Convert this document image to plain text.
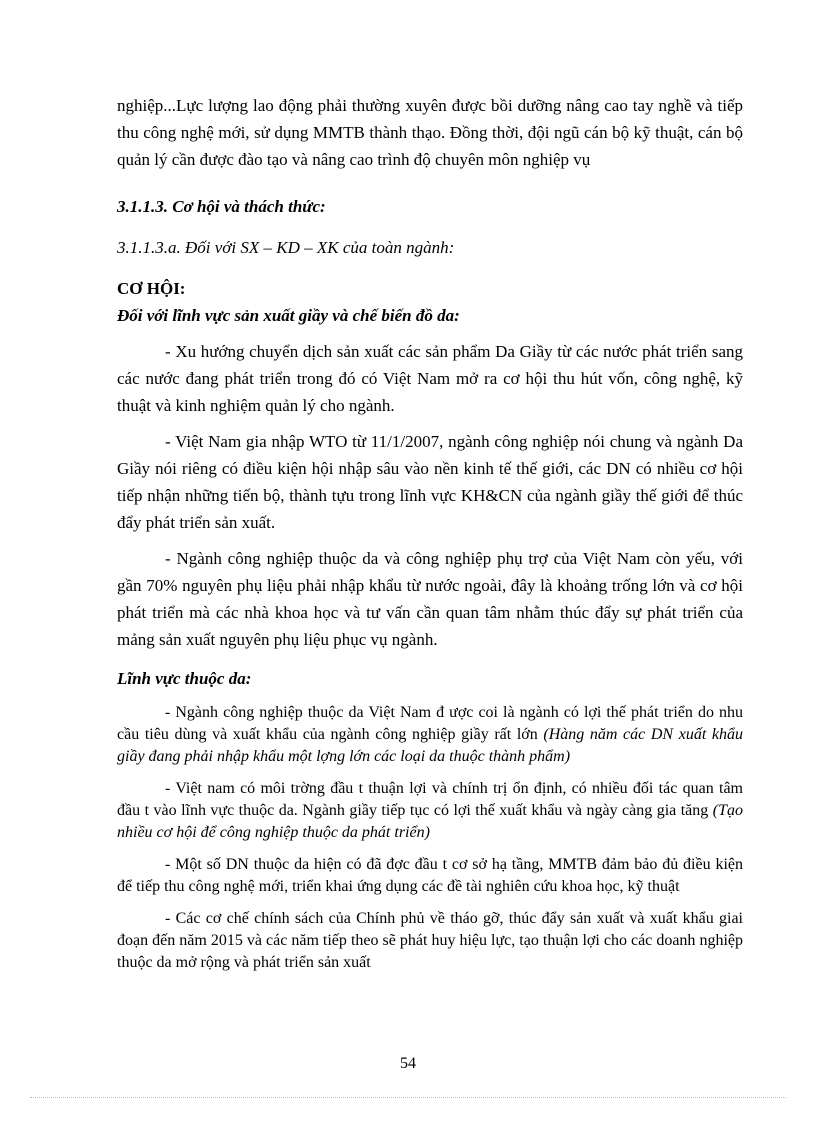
nghiệp...Lực lượng lao động phải thường xuyên được bồi dưỡng nâng cao tay nghề và tiếp thu công nghệ mới, sử dụng MMTB thành thạo. Đồng thời, đội ngũ cán bộ kỹ thuật, cán bộ quản lý cần được đào tạo và nâng cao trình độ chuyên môn nghiệp vụ

3.1.1.3. Cơ hội và thách thức:

3.1.1.3.a. Đối với SX – KD – XK của toàn ngành:

CƠ HỘI:

Đối với lĩnh vực sản xuất giầy và chế biến đồ da:

- Xu hướng chuyển dịch sản xuất các sản phẩm Da Giầy từ các nước phát triển sang các nước đang phát triển trong đó có Việt Nam mở ra cơ hội thu hút vốn, công nghệ, kỹ thuật và kinh nghiệm quản lý cho ngành.

- Việt Nam gia nhập WTO từ 11/1/2007, ngành công nghiệp nói chung và ngành Da Giầy nói riêng có điều kiện hội nhập sâu vào nền kinh tế thế giới, các DN có nhiều cơ hội tiếp nhận những tiến bộ, thành tựu trong lĩnh vực KH&CN của ngành giầy thế giới để thúc đẩy phát triển sản xuất.

- Ngành công nghiệp thuộc da và công nghiệp phụ trợ của Việt Nam còn yếu, với gần 70% nguyên phụ liệu phải nhập khẩu từ nước ngoài, đây là khoảng trống lớn và cơ hội phát triển mà các nhà khoa học và tư vấn cần quan tâm nhằm thúc đẩy sự phát triển của mảng sản xuất nguyên phụ liệu phục vụ ngành.

Lĩnh vực thuộc da:

- Ngành công nghiệp thuộc da Việt Nam đ ược coi là ngành có lợi thế phát triển do nhu cầu tiêu dùng và xuất khẩu của ngành công nghiệp giầy rất lớn (Hàng năm các DN xuất khẩu giầy đang phải nhập khẩu một lợng lớn các loại da thuộc thành phẩm)

- Việt nam có môi trờng đầu t thuận lợi và chính trị ổn định, có nhiều đối tác quan tâm đầu t vào lĩnh vực thuộc da. Ngành giầy tiếp tục có lợi thế xuất khẩu và ngày càng gia tăng (Tạo nhiều cơ hội để công nghiệp thuộc da phát triển)

- Một số DN thuộc da hiện có đã đợc đầu t cơ sở hạ tầng, MMTB đảm bảo đủ điều kiện để tiếp thu công nghệ mới, triển khai ứng dụng các đề tài nghiên cứu khoa học, kỹ thuật

- Các cơ chế chính sách của Chính phủ về tháo gỡ, thúc đẩy sản xuất và xuất khẩu giai đoạn đến năm 2015 và các năm tiếp theo sẽ phát huy hiệu lực, tạo thuận lợi cho các doanh nghiệp thuộc da mở rộng và phát triển sản xuất

54
